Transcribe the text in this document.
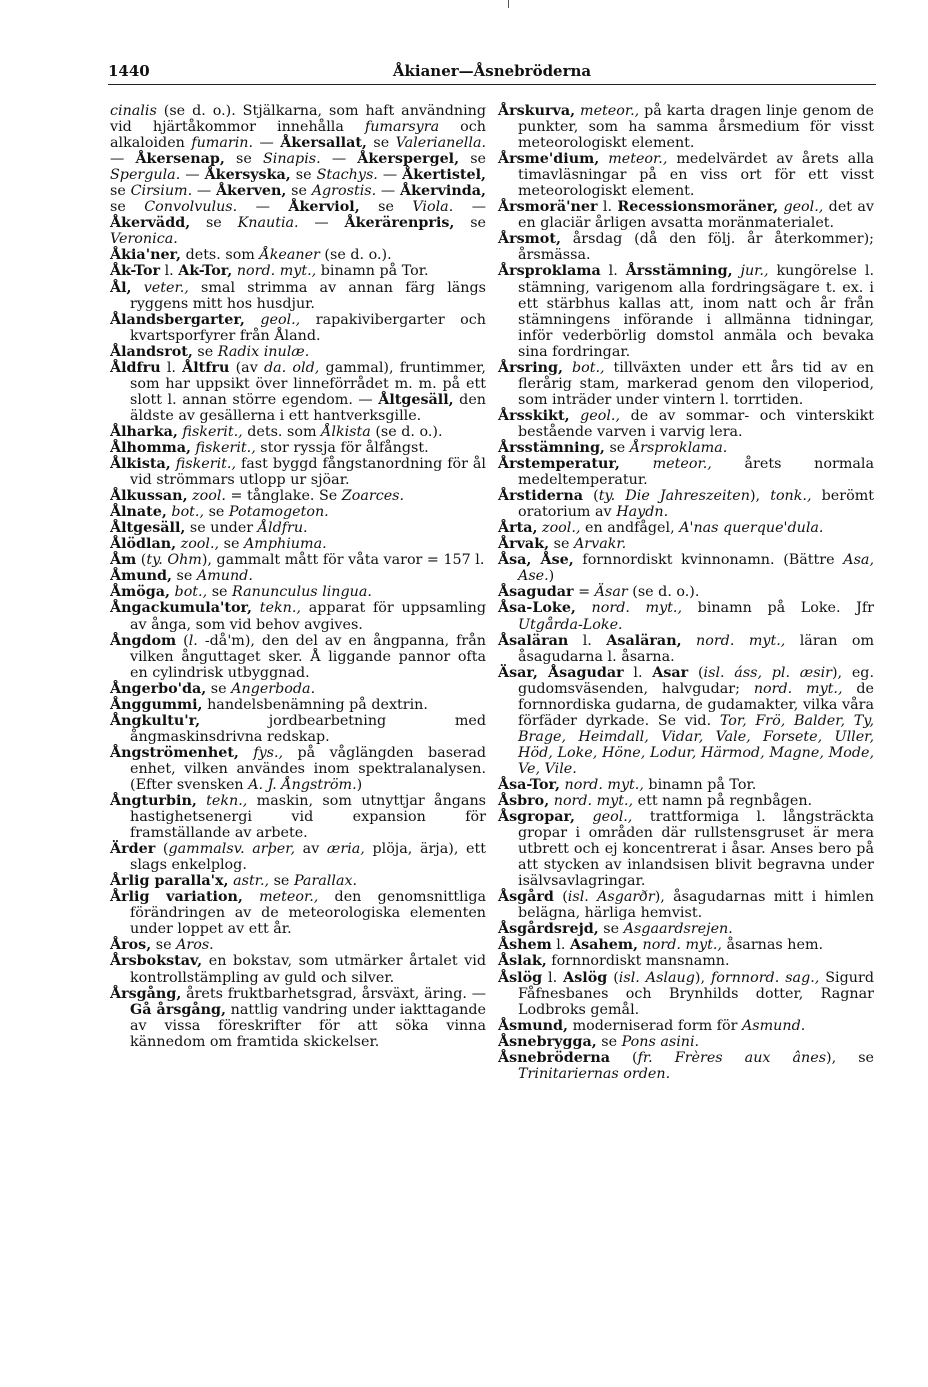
1440	Åkianer—Åsnebröderna

cinalis (se d. o.). Stjälkarna, som haft användning vid hjärtåkommor innehålla fumarsyra och alkaloiden fumarin. — Åkersallat, se Valerianella. — Åkersenap, se Sinapis. — Åkerspergel, se Spergula. — Åkersyska, se Stachys. — Åkertistel, se Cirsium. — Åkerven, se Agrostis. — Åkervinda, se Convolvulus. — Åkerviol, se Viola. — Åkervädd, se Knautia. — Åkerärenpris, se Veronica.

Åkia'ner, dets. som Åkeaner (se d. o.).

Åk-Tor l. Ak-Tor, nord. myt., binamn på Tor.

Ål, veter., smal strimma av annan färg längs ryggens mitt hos husdjur.

Ålandsbergarter, geol., rapakivibergarter och kvartsporfyrer från Åland.

Ålandsrot, se Radix inulæ.

Åldfru l. Åltfru (av da. old, gammal), fruntimmer, som har uppsikt över linneförrådet m. m. på ett slott l. annan större egendom. — Åltgesäll, den äldste av gesällerna i ett hantverksgille.

Ålharka, fiskerit., dets. som Ålkista (se d. o.).

Ålhomma, fiskerit., stor ryssja för ålfångst.

Ålkista, fiskerit., fast byggd fångstanordning för ål vid strömmars utlopp ur sjöar.

Ålkussan, zool. = tånglake. Se Zoarces.

Ålnate, bot., se Potamogeton.

Åltgesäll, se under Åldfru.

Ålödlan, zool., se Amphiuma.

Åm (ty. Ohm), gammalt mått för våta varor = 157 l.

Åmund, se Amund.

Åmöga, bot., se Ranunculus lingua.

Ångackumula'tor, tekn., apparat för uppsamling av ånga, som vid behov avgives.

Ångdom (l. -då'm), den del av en ångpanna, från vilken ånguttaget sker. Å liggande pannor ofta en cylindrisk utbyggnad.

Ångerbo'da, se Angerboda.

Ånggummi, handelsbenämning på dextrin.

Ångkultu'r, jordbearbetning med ångmaskinsdrivna redskap.

Ångströmenhet, fys., på våglängden baserad enhet, vilken användes inom spektralanalysen. (Efter svensken A. J. Ångström.)

Ångturbin, tekn., maskin, som utnyttjar ångans hastighetsenergi vid expansion för framställande av arbete.

Ärder (gammalsv. arþer, av æria, plöja, ärja), ett slags enkelplog.

Årlig paralla'x, astr., se Parallax.

Årlig variation, meteor., den genomsnittliga förändringen av de meteorologiska elementen under loppet av ett år.

Åros, se Aros.

Årsbokstav, en bokstav, som utmärker årtalet vid kontrollstämpling av guld och silver.

Årsgång, årets fruktbarhetsgrad, årsväxt, äring. — Gå årsgång, nattlig vandring under iakttagande av vissa föreskrifter för att söka vinna kännedom om framtida skickelser.

Årskurva, meteor., på karta dragen linje genom de punkter, som ha samma årsmedium för visst meteorologiskt element.

Årsme'dium, meteor., medelvärdet av årets alla timavläsningar på en viss ort för ett visst meteorologiskt element.

Årsmorä'ner l. Recessionsmoräner, geol., det av en glaciär årligen avsatta moränmaterialet.

Årsmot, årsdag (då den följ. år återkommer); årsmässa.

Årsproklama l. Årsstämning, jur., kungörelse l. stämning, varigenom alla fordringsägare t. ex. i ett stärbhus kallas att, inom natt och år från stämningens införande i allmänna tidningar, inför vederbörlig domstol anmäla och bevaka sina fordringar.

Årsring, bot., tillväxten under ett års tid av en flerårig stam, markerad genom den viloperiod, som inträder under vintern l. torrtiden.

Årsskikt, geol., de av sommar- och vinterskikt bestående varven i varvig lera.

Årsstämning, se Årsproklama.

Årstemperatur, meteor., årets normala medeltemperatur.

Årstiderna (ty. Die Jahreszeiten), tonk., berömt oratorium av Haydn.

Årta, zool., en andfågel, A'nas querque'dula.

Årvak, se Arvakr.

Åsa, Åse, fornnordiskt kvinnonamn. (Bättre Asa, Ase.)

Åsagudar = Äsar (se d. o.).

Åsa-Loke, nord. myt., binamn på Loke. Jfr Utgårda-Loke.

Åsaläran l. Asaläran, nord. myt., läran om åsagudarna l. åsarna.

Äsar, Åsagudar l. Asar (isl. áss, pl. æsir), eg. gudomsväsenden, halvgudar; nord. myt., de fornnordiska gudarna, de gudamakter, vilka våra förfäder dyrkade. Se vid. Tor, Frö, Balder, Ty, Brage, Heimdall, Vidar, Vale, Forsete, Uller, Höd, Loke, Höne, Lodur, Härmod, Magne, Mode, Ve, Vile.

Åsa-Tor, nord. myt., binamn på Tor.

Åsbro, nord. myt., ett namn på regnbågen.

Åsgropar, geol., trattformiga l. långsträckta gropar i områden där rullstensgruset är mera utbrett och ej koncentrerat i åsar. Anses bero på att stycken av inlandsisen blivit begravna under isälvsavlagringar.

Åsgård (isl. Asgarðr), åsagudarnas mitt i himlen belägna, härliga hemvist.

Åsgårdsrejd, se Asgaardsrejen.

Åshem l. Asahem, nord. myt., åsarnas hem.

Åslak, fornnordiskt mansnamn.

Åslög l. Aslög (isl. Aslaug), fornnord. sag., Sigurd Fåfnesbanes och Brynhilds dotter, Ragnar Lodbroks gemål.

Åsmund, moderniserad form för Asmund.

Åsnebrygga, se Pons asini.

Åsnebröderna (fr. Frères aux ânes), se Trinitariernas orden.
